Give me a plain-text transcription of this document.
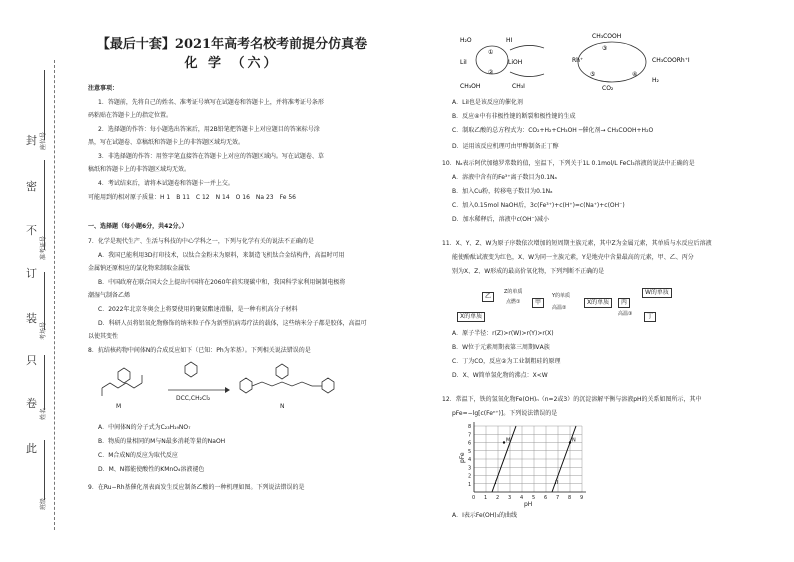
封
密
不
订
装
只
卷
此
座位号
准考证号
考场号
姓名
班级
【最后十套】2021年高考名校考前提分仿真卷
化 学 （六）
注意事项：
1．答题前，先将自己的姓名、准考证号填写在试题卷和答题卡上，并将准考证号条形
码粘贴在答题卡上的指定位置。
2．选择题的作答：每小题选出答案后，用2B铅笔把答题卡上对应题目的答案标号涂
黑，写在试题卷、草稿纸和答题卡上的非答题区域均无效。
3．非选择题的作答：用签字笔直接答在答题卡上对应的答题区域内。写在试题卷、草
稿纸和答题卡上的非答题区域均无效。
4．考试结束后，请将本试题卷和答题卡一并上交。
可能用到的相对原子质量：H 1　B 11　C 12　N 14　O 16　Na 23　Fe 56
一、选择题（每小题6分，共42分。）
7．化学是现代生产、生活与科技的中心学科之一，下列与化学有关的说法不正确的是
A．我国已能利用3D打印技术，以钛合金粉末为原料，来制造飞机钛合金结构件，高温时可用
金属钠还原相应的氯化物来制取金属钛
B．中国政府在联合国大会上提出中国将在2060年前实现碳中和，我国科学家利用铜制电极将
潮湿气制备乙烯
C．2022年北京冬奥会上将要使用的聚氨酯速滑服，是一种有机高分子材料
D．科研人员将铝氧化物修饰的纳米粒子作为新型抗病毒疗法的载体，这些纳米分子都是胶体，高温可
以使其变性
8．抗结核药物中间体N的合成反应如下（已知：Ph为苯基）。下列相关说法错误的是
M
DCC,CH₂Cl₂
N
A．中间体N的分子式为C₂₃H₁₉NO₇
B．物质的量相同的M与N最多消耗等量的NaOH
C．M合成N的反应为取代反应
D．M、N都能使酸性的KMnO₄溶液褪色
9．在Ru−Rh基催化剂表面发生反应制备乙酸的一种机理如图。下列说法错误的是
H₂O	HI
CH₃COOH
LiI	LiOH	Rh⁺	CH₃COORh⁺I
CH₃OH	CH₃I	CO₂
H₂
①
②
③
④
⑤
A．LiI也是该反应的催化剂
B．反应④中有非极性键的断裂和极性键的生成
C．制取乙酸的总方程式为：CO₂+H₂+CH₃OH ─催化剂→ CH₃COOH+H₂O
D．运用该反应机理可由甲醇制备正丁醇
10．Nₐ表示阿伏加德罗常数的值，室温下，下列关于1L 0.1mol/L FeCl₃溶液的说法中正确的是
A．溶液中含有的Fe³⁺离子数目为0.1Nₐ
B．加入Cu粉，转移电子数目为0.1Nₐ
C．加入0.15mol NaOH后，3c(Fe³⁺)+c(H⁺)=c(Na⁺)+c(OH⁻)
D．加水稀释后，溶液中c(OH⁻)减小
11．X、Y、Z、W为原子序数依次增加的短周期主族元素，其中Z为金属元素，其单质与水反应后溶液
能使酚酞试液变为红色，X、W为同一主族元素，Y是地壳中含量最高的元素，甲、乙、丙分
别为X、Z、W形成的最高价氧化物，下列判断不正确的是
乙
Z的单质
点燃①	甲
Y的单质
高温②
X的单质	丙
W的单质
高温③	丁
X的单质
A．原子半径：r(Z)>r(W)>r(Y)>r(X)
B．W位于元素周期表第三周期ⅣA族
C．丁为CO，反应②为工业制粗硅的原理
D．X、W简单氢化物的沸点：X<W
12．常温下，铁的氢氧化物Fe(OH)ₙ（n=2或3）的沉淀溶解平衡与溶液pH的关系如图所示，其中
pFe=−lg[c(Feⁿ⁺)]。下列说法错误的是
0 1 2 3 4 5 6 7 8 9
1
2
3
4
5
6
7
8
pH
pFe
I	II
M	N
A．I表示Fe(OH)₃的曲线
